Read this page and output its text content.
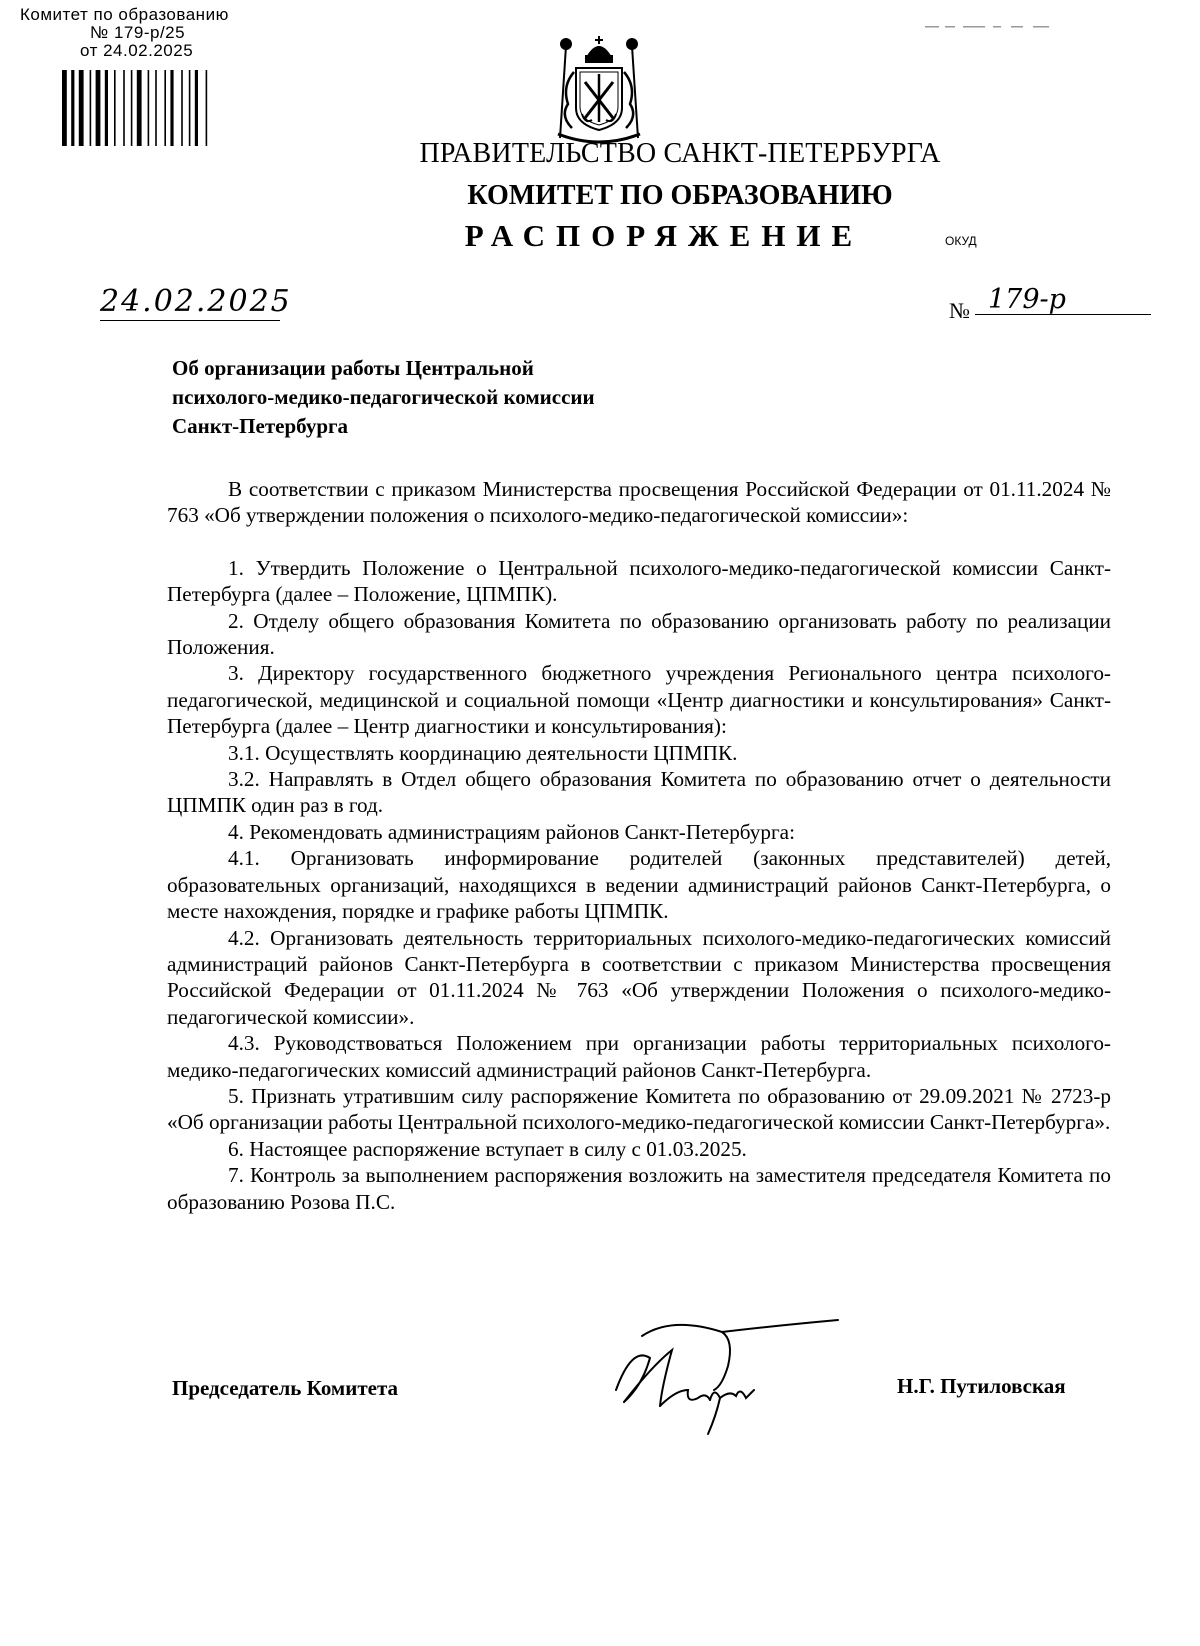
Комитет по образованию
№ 179-р/25
от 24.02.2025
ПРАВИТЕЛЬСТВО САНКТ-ПЕТЕРБУРГА
КОМИТЕТ ПО ОБРАЗОВАНИЮ
РАСПОРЯЖЕНИЕ	ОКУД
24.02.2025	№ 179-р
Об организации работы Центральной
психолого-медико-педагогической комиссии
Санкт-Петербурга

В соответствии с приказом Министерства просвещения Российской Федерации от 01.11.2024 № 763 «Об утверждении положения о психолого-медико-педагогической комиссии»:

1. Утвердить Положение о Центральной психолого-медико-педагогической комиссии Санкт-Петербурга (далее – Положение, ЦПМПК).

2. Отделу общего образования Комитета по образованию организовать работу по реализации Положения.

3. Директору государственного бюджетного учреждения Регионального центра психолого-педагогической, медицинской и социальной помощи «Центр диагностики и консультирования» Санкт-Петербурга (далее – Центр диагностики и консультирования):

3.1. Осуществлять координацию деятельности ЦПМПК.

3.2. Направлять в Отдел общего образования Комитета по образованию отчет о деятельности ЦПМПК один раз в год.

4. Рекомендовать администрациям районов Санкт-Петербурга:

4.1. Организовать информирование родителей (законных представителей) детей, образовательных организаций, находящихся в ведении администраций районов Санкт-Петербурга, о месте нахождения, порядке и графике работы ЦПМПК.

4.2. Организовать деятельность территориальных психолого-медико-педагогических комиссий администраций районов Санкт-Петербурга в соответствии с приказом Министерства просвещения Российской Федерации от 01.11.2024 № 763 «Об утверждении Положения о психолого-медико-педагогической комиссии».

4.3. Руководствоваться Положением при организации работы территориальных психолого-медико-педагогических комиссий администраций районов Санкт-Петербурга.

5. Признать утратившим силу распоряжение Комитета по образованию от 29.09.2021 № 2723-р «Об организации работы Центральной психолого-медико-педагогической комиссии Санкт-Петербурга».

6. Настоящее распоряжение вступает в силу с 01.03.2025.

7. Контроль за выполнением распоряжения возложить на заместителя председателя Комитета по образованию Розова П.С.

Председатель Комитета	Н.Г. Путиловская
